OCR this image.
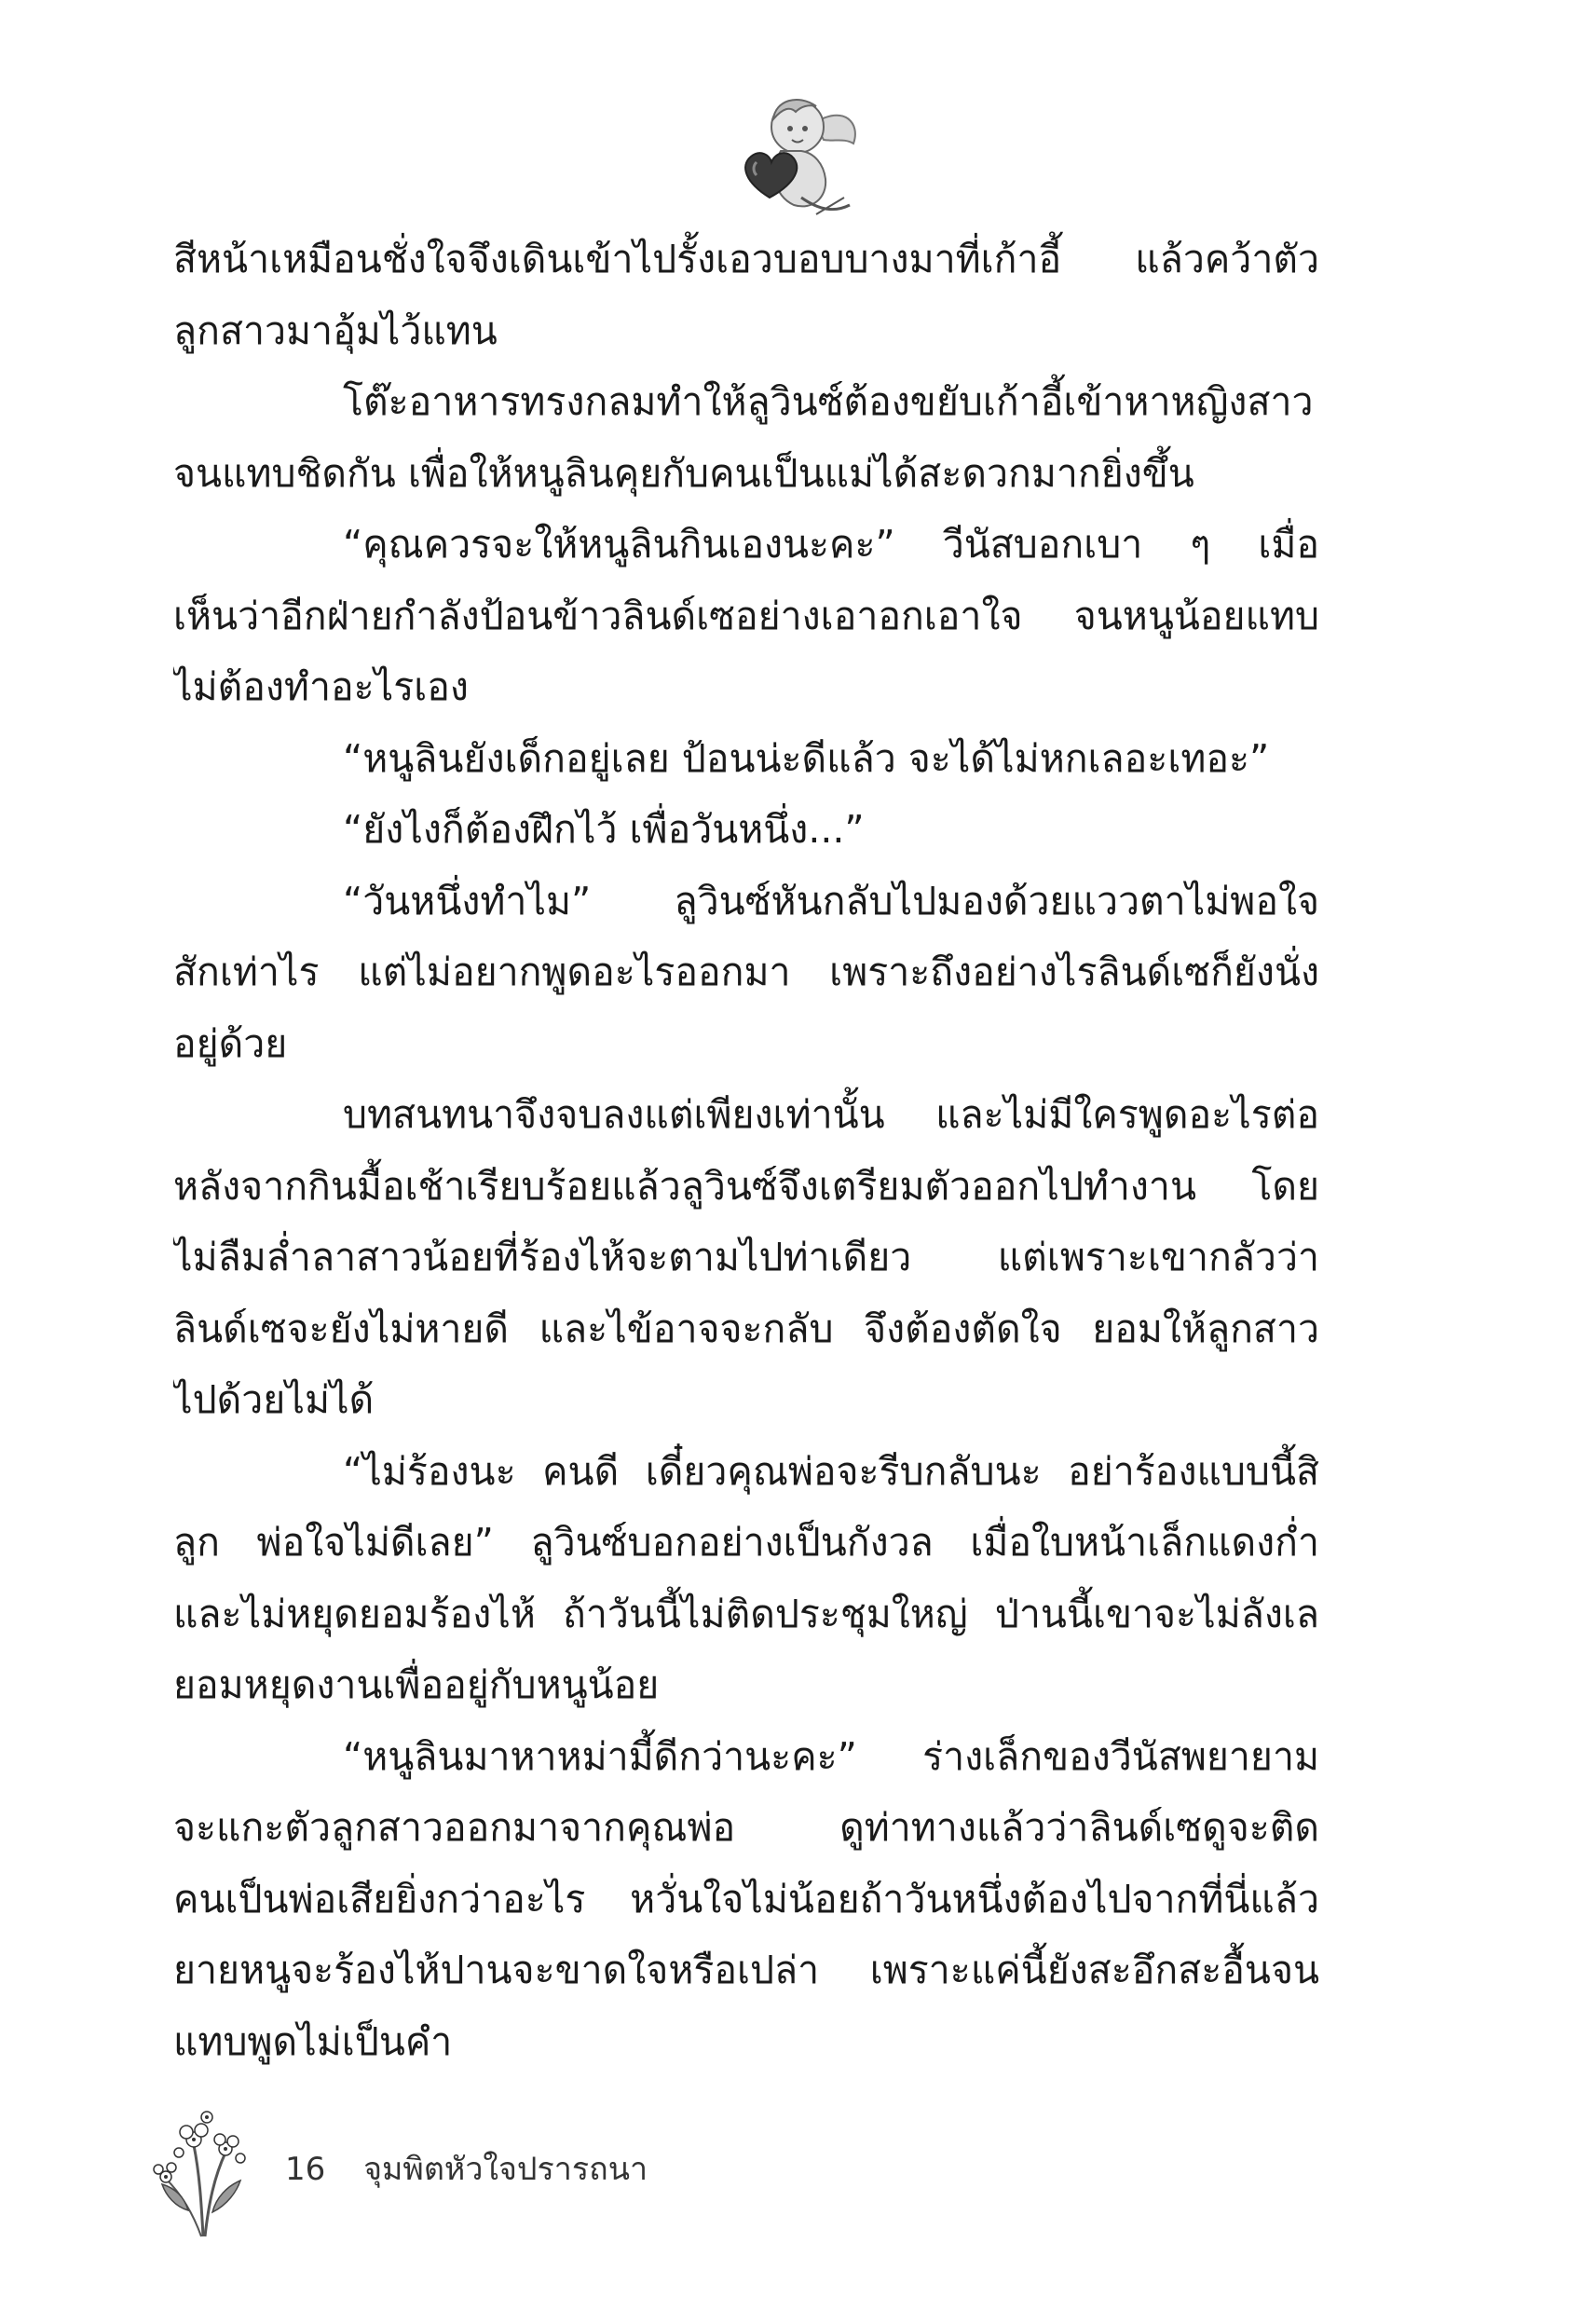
สีหน้าเหมือนชั่งใจจึงเดินเข้าไปรั้งเอวบอบบางมาที่เก้าอี้ แล้วคว้าตัว
ลูกสาวมาอุ้มไว้แทน
โต๊ะอาหารทรงกลมทำให้ลูวินซ์ต้องขยับเก้าอี้เข้าหาหญิงสาว
จนแทบชิดกัน เพื่อให้หนูลินคุยกับคนเป็นแม่ได้สะดวกมากยิ่งขึ้น
“คุณควรจะให้หนูลินกินเองนะคะ” วีนัสบอกเบา ๆ เมื่อ
เห็นว่าอีกฝ่ายกำลังป้อนข้าวลินด์เซอย่างเอาอกเอาใจ จนหนูน้อยแทบ
ไม่ต้องทำอะไรเอง
“หนูลินยังเด็กอยู่เลย ป้อนน่ะดีแล้ว จะได้ไม่หกเลอะเทอะ”
“ยังไงก็ต้องฝึกไว้ เพื่อวันหนึ่ง...”
“วันหนึ่งทำไม” ลูวินซ์หันกลับไปมองด้วยแววตาไม่พอใจ
สักเท่าไร แต่ไม่อยากพูดอะไรออกมา เพราะถึงอย่างไรลินด์เซก็ยังนั่ง
อยู่ด้วย
บทสนทนาจึงจบลงแต่เพียงเท่านั้น และไม่มีใครพูดอะไรต่อ
หลังจากกินมื้อเช้าเรียบร้อยแล้วลูวินซ์จึงเตรียมตัวออกไปทำงาน โดย
ไม่ลืมล่ำลาสาวน้อยที่ร้องไห้จะตามไปท่าเดียว แต่เพราะเขากลัวว่า
ลินด์เซจะยังไม่หายดี และไข้อาจจะกลับ จึงต้องตัดใจ ยอมให้ลูกสาว
ไปด้วยไม่ได้
“ไม่ร้องนะ คนดี เดี๋ยวคุณพ่อจะรีบกลับนะ อย่าร้องแบบนี้สิ
ลูก พ่อใจไม่ดีเลย” ลูวินซ์บอกอย่างเป็นกังวล เมื่อใบหน้าเล็กแดงก่ำ
และไม่หยุดยอมร้องไห้ ถ้าวันนี้ไม่ติดประชุมใหญ่ ป่านนี้เขาจะไม่ลังเล
ยอมหยุดงานเพื่ออยู่กับหนูน้อย
“หนูลินมาหาหม่ามี้ดีกว่านะคะ” ร่างเล็กของวีนัสพยายาม
จะแกะตัวลูกสาวออกมาจากคุณพ่อ ดูท่าทางแล้วว่าลินด์เซดูจะติด
คนเป็นพ่อเสียยิ่งกว่าอะไร หวั่นใจไม่น้อยถ้าวันหนึ่งต้องไปจากที่นี่แล้ว
ยายหนูจะร้องไห้ปานจะขาดใจหรือเปล่า เพราะแค่นี้ยังสะอึกสะอื้นจน
แทบพูดไม่เป็นคำ
16 จุมพิตหัวใจปรารถนา
